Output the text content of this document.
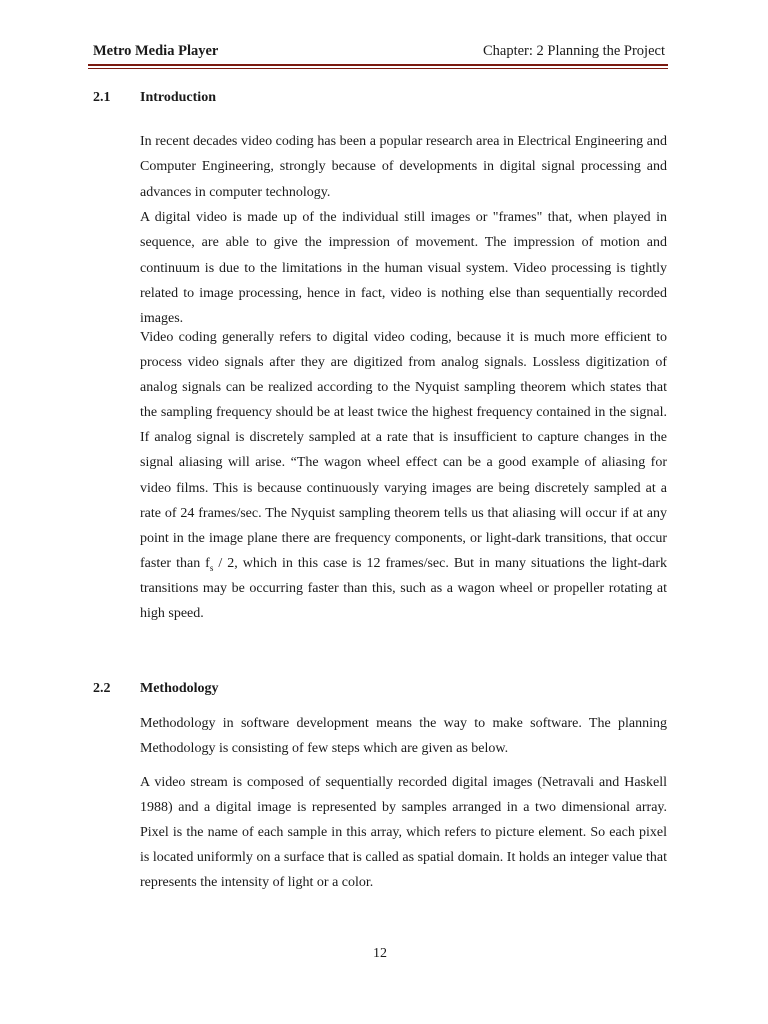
Metro Media Player	Chapter: 2 Planning the Project
2.1 Introduction

In recent decades video coding has been a popular research area in Electrical Engineering and Computer Engineering, strongly because of developments in digital signal processing and advances in computer technology.

A digital video is made up of the individual still images or "frames" that, when played in sequence, are able to give the impression of movement. The impression of motion and continuum is due to the limitations in the human visual system. Video processing is tightly related to image processing, hence in fact, video is nothing else than sequentially recorded images.

Video coding generally refers to digital video coding, because it is much more efficient to process video signals after they are digitized from analog signals. Lossless digitization of analog signals can be realized according to the Nyquist sampling theorem which states that the sampling frequency should be at least twice the highest frequency contained in the signal. If analog signal is discretely sampled at a rate that is insufficient to capture changes in the signal aliasing will arise. “The wagon wheel effect can be a good example of aliasing for video films. This is because continuously varying images are being discretely sampled at a rate of 24 frames/sec. The Nyquist sampling theorem tells us that aliasing will occur if at any point in the image plane there are frequency components, or light-dark transitions, that occur faster than $f_s / 2$, which in this case is 12 frames/sec. But in many situations the light-dark transitions may be occurring faster than this, such as a wagon wheel or propeller rotating at high speed.

2.2 Methodology

Methodology in software development means the way to make software. The planning Methodology is consisting of few steps which are given as below.

A video stream is composed of sequentially recorded digital images (Netravali and Haskell 1988) and a digital image is represented by samples arranged in a two dimensional array. Pixel is the name of each sample in this array, which refers to picture element. So each pixel is located uniformly on a surface that is called as spatial domain. It holds an integer value that represents the intensity of light or a color.

12
